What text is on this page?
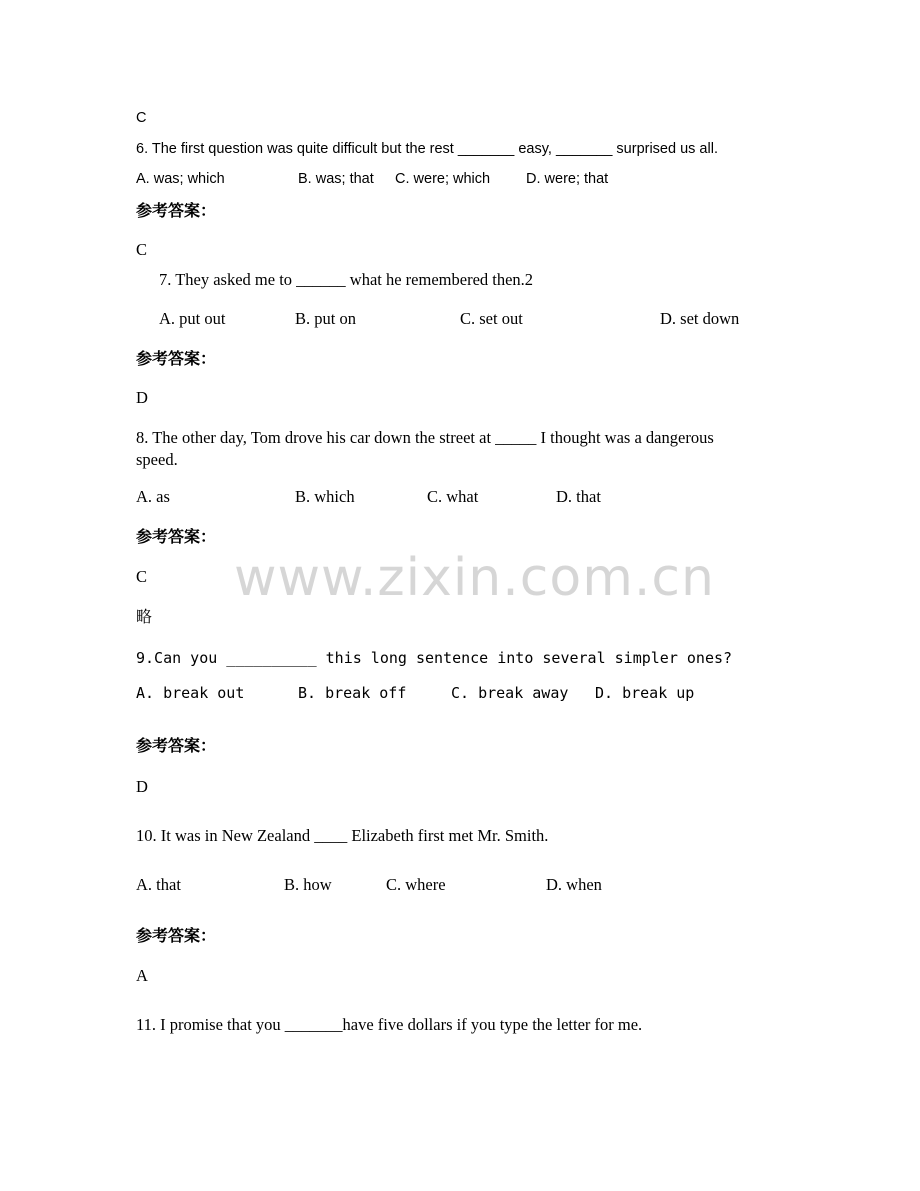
www.zixin.com.cn
C
6. The first question was quite difficult but the rest _______ easy, _______ surprised us all.
A. was; which	B. was; that C. were; which D. were; that
参考答案：
C
7. They asked me to ______ what he remembered then.2
A. put out	B. put on	C. set out	D. set down
参考答案：
D
8. The other day, Tom drove his car down the street at _____ I thought was a dangerous
speed.
A. as	B. which	C. what	D. that
参考答案：
C
略
9.Can you __________ this long sentence into several simpler ones?
A. break out	B. break off	C. break away D. break up
参考答案：
D
10. It was in New Zealand ____ Elizabeth first met Mr. Smith.
A. that	B. how	C. where	D. when
参考答案：
A
11. I promise that you _______have five dollars if you type the letter for me.
